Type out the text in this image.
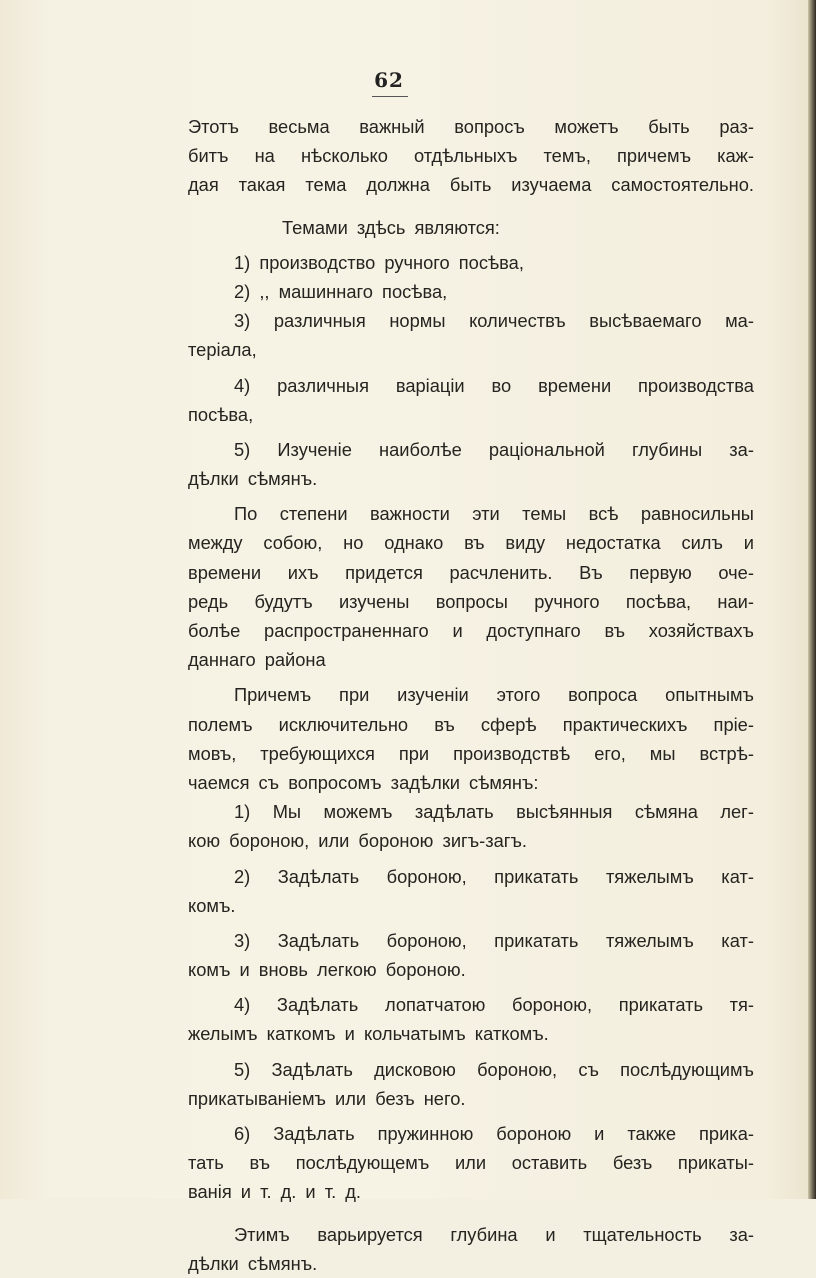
62
Этотъ весьма важный вопросъ можетъ быть раз-
битъ на нѣсколько отдѣльныхъ темъ, причемъ каж-
дая такая тема должна быть изучаема самостоятельно.
Темами здѣсь являются:
1) производство ручного посѣва,
2) ,, машиннаго посѣва,
3) различныя нормы количествъ высѣваемаго ма-
теріала,
4) различныя варіаціи во времени производства
посѣва,
5) Изученіе наиболѣе раціональной глубины за-
дѣлки сѣмянъ.
По степени важности эти темы всѣ равносильны
между собою, но однако въ виду недостатка силъ и
времени ихъ придется расчленить. Въ первую оче-
редь будутъ изучены вопросы ручного посѣва, наи-
болѣе распространеннаго и доступнаго въ хозяйствахъ
даннаго района
Причемъ при изученіи этого вопроса опытнымъ
полемъ исключительно въ сферѣ практическихъ пріе-
мовъ, требующихся при производствѣ его, мы встрѣ-
чаемся съ вопросомъ задѣлки сѣмянъ:
1) Мы можемъ задѣлать высѣянныя сѣмяна лег-
кою бороною, или бороною зигъ-загъ.
2) Задѣлать бороною, прикатать тяжелымъ кат-
комъ.
3) Задѣлать бороною, прикатать тяжелымъ кат-
комъ и вновь легкою бороною.
4) Задѣлать лопатчатою бороною, прикатать тя-
желымъ каткомъ и кольчатымъ каткомъ.
5) Задѣлать дисковою бороною, съ послѣдующимъ
прикатываніемъ или безъ него.
6) Задѣлать пружинною бороною и также прика-
тать въ послѣдующемъ или оставить безъ прикаты-
ванія и т. д. и т. д.
Этимъ варьируется глубина и тщательность за-
дѣлки сѣмянъ.
